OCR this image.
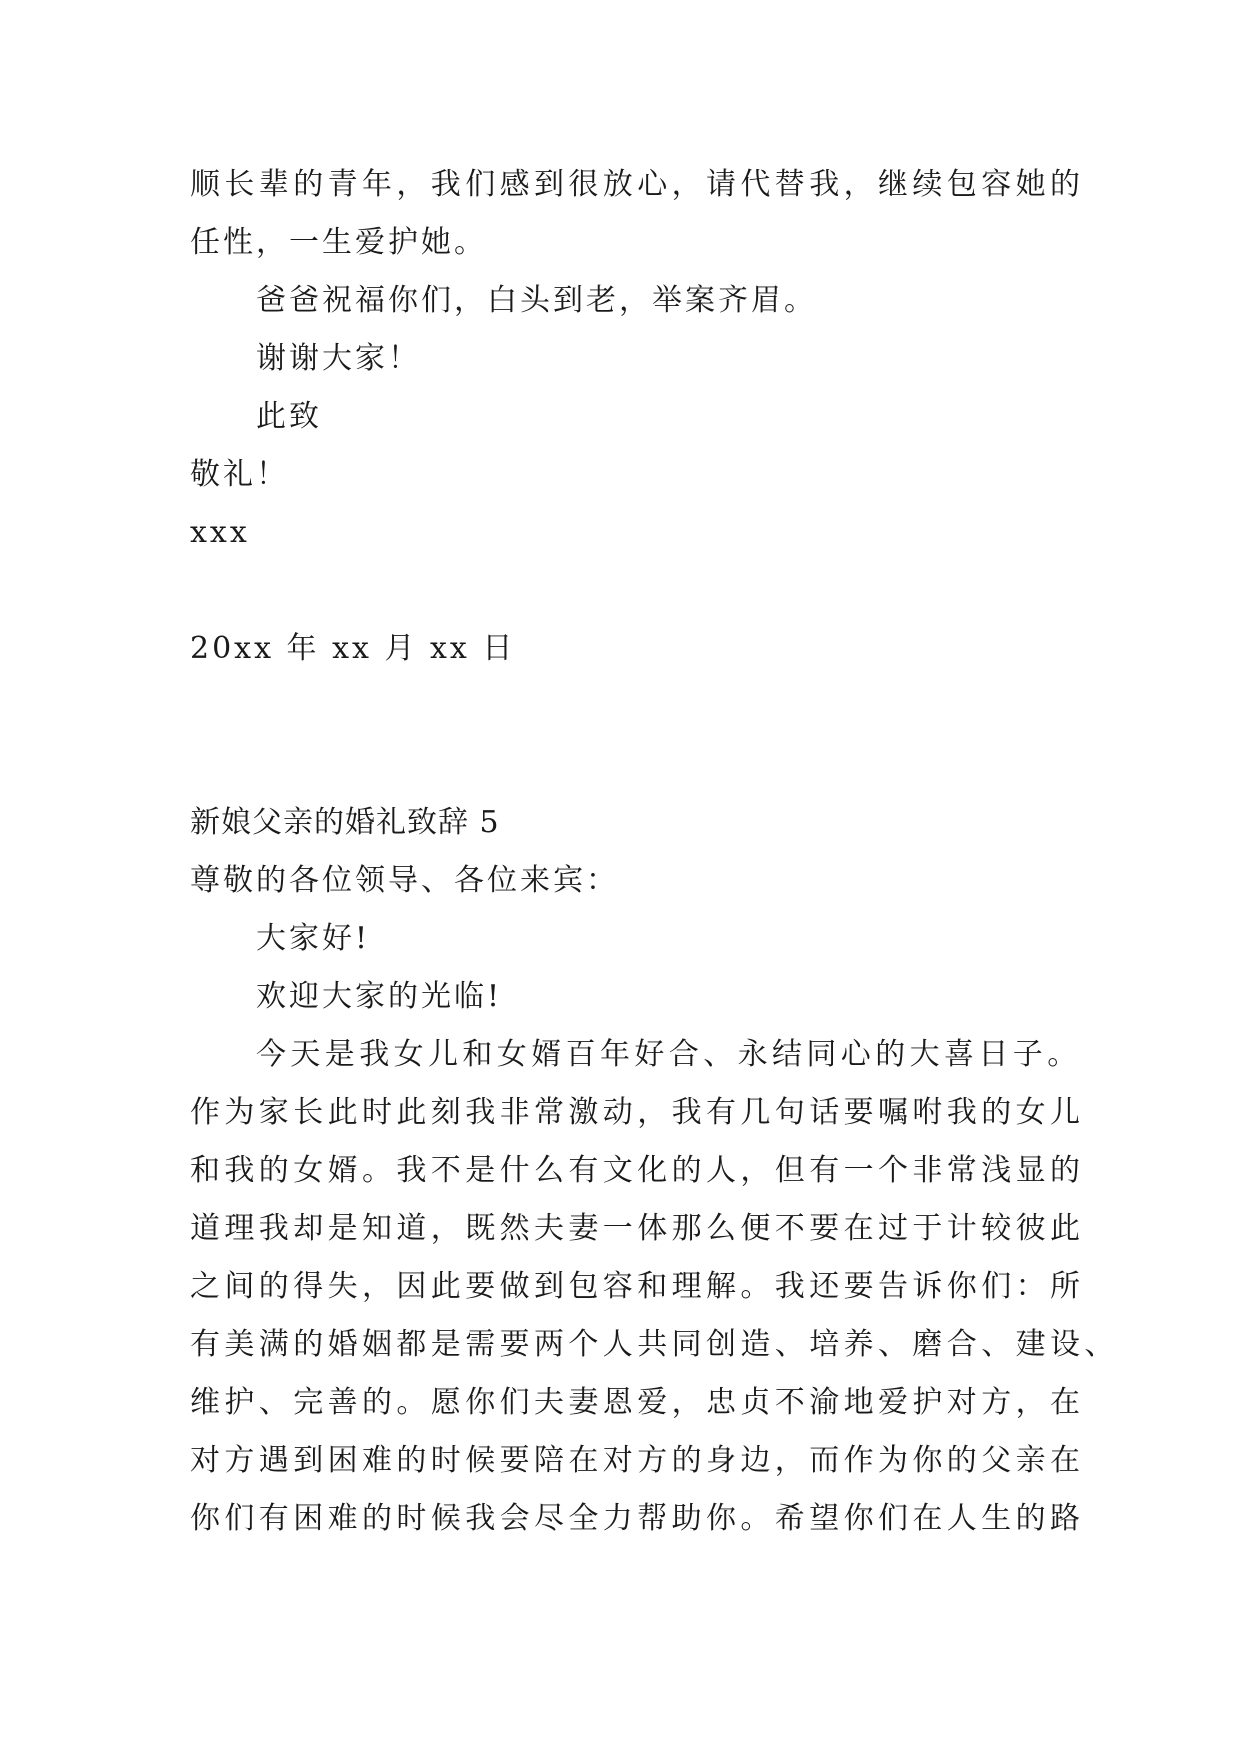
顺长辈的青年，我们感到很放心，请代替我，继续包容她的
任性，一生爱护她。
爸爸祝福你们，白头到老，举案齐眉。
谢谢大家！
此致
敬礼！
xxx
20xx 年 xx 月 xx 日
新娘父亲的婚礼致辞 5
尊敬的各位领导、各位来宾：
大家好!
欢迎大家的光临!
今天是我女儿和女婿百年好合、永结同心的大喜日子。
作为家长此时此刻我非常激动，我有几句话要嘱咐我的女儿
和我的女婿。我不是什么有文化的人，但有一个非常浅显的
道理我却是知道，既然夫妻一体那么便不要在过于计较彼此
之间的得失，因此要做到包容和理解。我还要告诉你们：所
有美满的婚姻都是需要两个人共同创造、培养、磨合、建设、
维护、完善的。愿你们夫妻恩爱，忠贞不渝地爱护对方，在
对方遇到困难的时候要陪在对方的身边，而作为你的父亲在
你们有困难的时候我会尽全力帮助你。希望你们在人生的路
